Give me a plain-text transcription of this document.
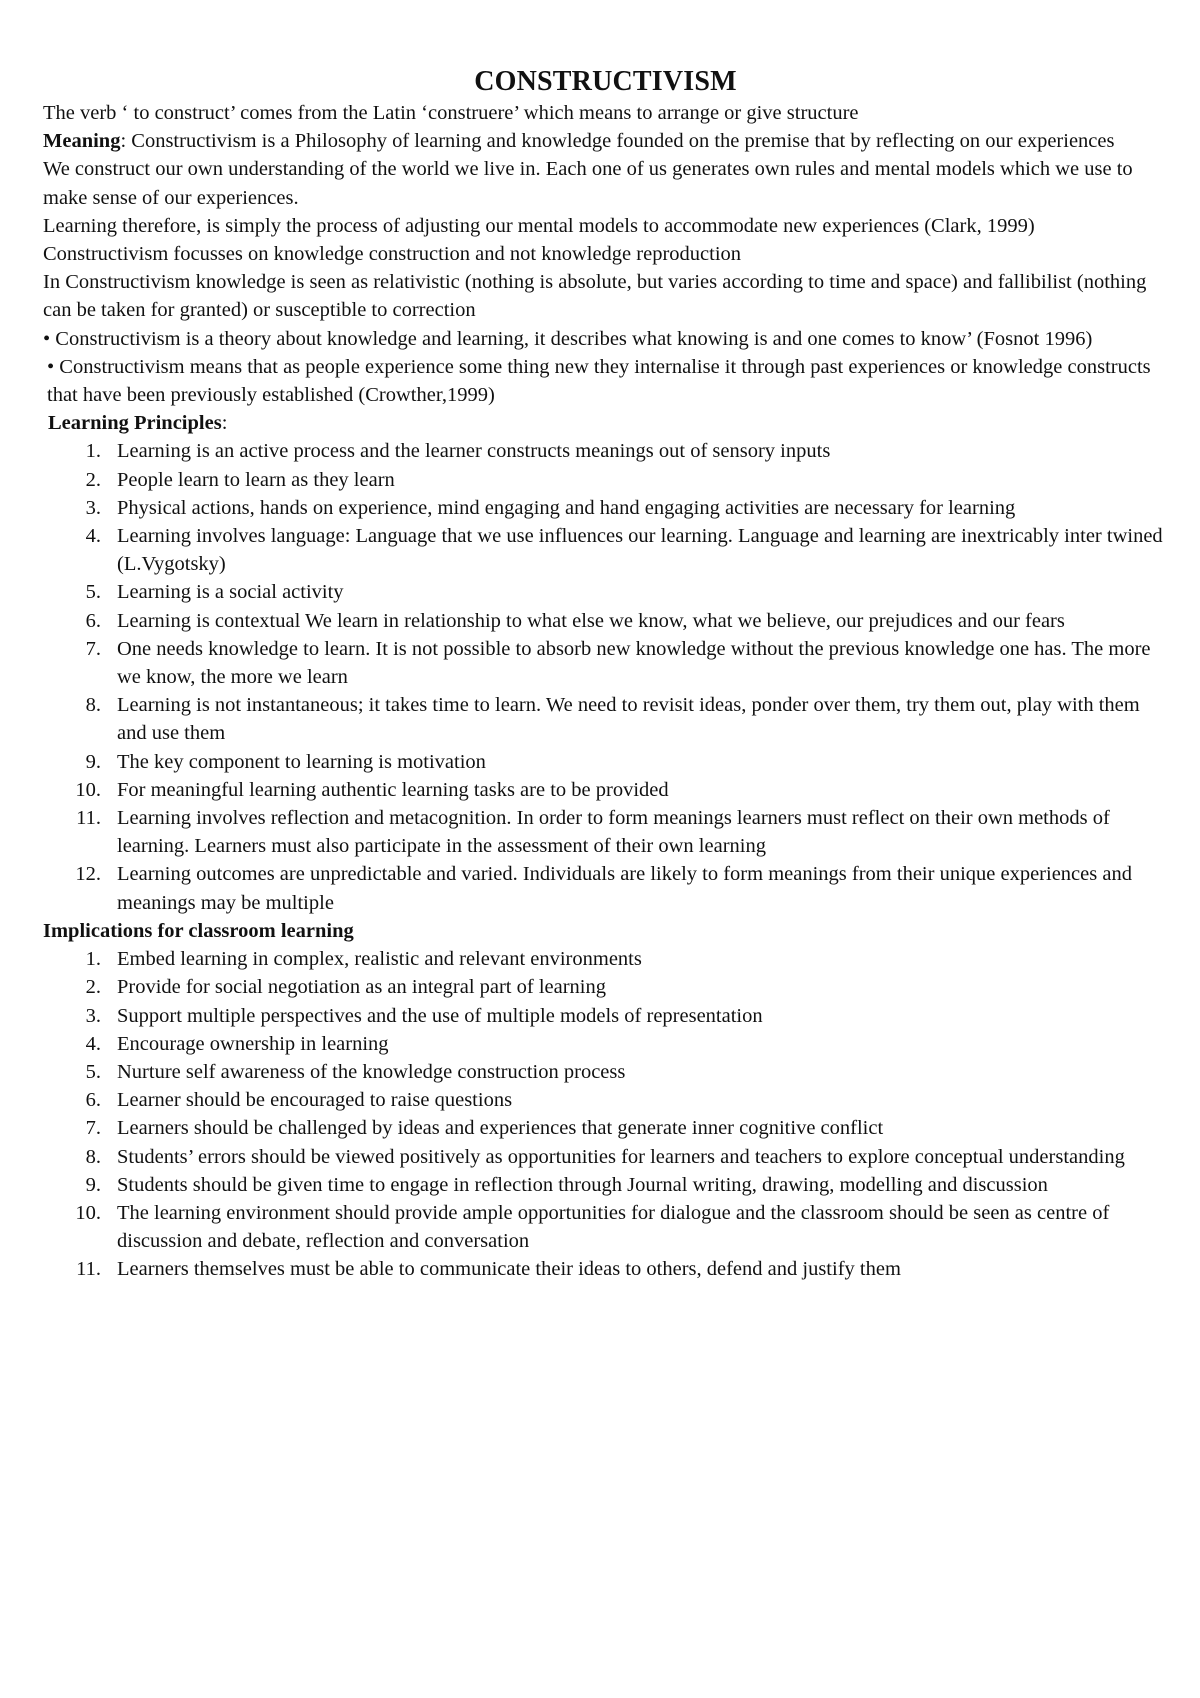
CONSTRUCTIVISM

The verb ‘ to construct’ comes from the Latin ‘construere’ which means to arrange or give structure

Meaning: Constructivism is a Philosophy of learning and knowledge founded on the premise that by reflecting on our experiences

We construct our own understanding of the world we live in. Each one of us generates own rules and mental models which we use to make sense of our experiences.

Learning therefore, is simply the process of adjusting our mental models to accommodate new experiences (Clark, 1999)

Constructivism focusses on knowledge construction and not knowledge reproduction

In Constructivism knowledge is seen as relativistic (nothing is absolute, but varies according to time and space) and fallibilist (nothing can be taken for granted) or susceptible to correction

• Constructivism is a theory about knowledge and learning, it describes what knowing is and one comes to know’ (Fosnot 1996)

• Constructivism means that as people experience some thing new they internalise it through past experiences or knowledge constructs that have been previously established (Crowther,1999)

Learning Principles:

1. Learning is an active process and the learner constructs meanings out of sensory inputs
2. People learn to learn as they learn
3. Physical actions, hands on experience, mind engaging and hand engaging activities are necessary for learning
4. Learning involves language: Language that we use influences our learning. Language and learning are inextricably inter twined (L.Vygotsky)
5. Learning is a social activity
6. Learning is contextual We learn in relationship to what else we know, what we believe, our prejudices and our fears
7. One needs knowledge to learn. It is not possible to absorb new knowledge without the previous knowledge one has. The more we know, the more we learn
8. Learning is not instantaneous; it takes time to learn. We need to revisit ideas, ponder over them, try them out, play with them and use them
9. The key component to learning is motivation
10. For meaningful learning authentic learning tasks are to be provided
11. Learning involves reflection and metacognition. In order to form meanings learners must reflect on their own methods of learning. Learners must also participate in the assessment of their own learning
12. Learning outcomes are unpredictable and varied. Individuals are likely to form meanings from their unique experiences and meanings may be multiple

Implications for classroom learning

1. Embed learning in complex, realistic and relevant environments
2. Provide for social negotiation as an integral part of learning
3. Support multiple perspectives and the use of multiple models of representation
4. Encourage ownership in learning
5. Nurture self awareness of the knowledge construction process
6. Learner should be encouraged to raise questions
7. Learners should be challenged by ideas and experiences that generate inner cognitive conflict
8. Students’ errors should be viewed positively as opportunities for learners and teachers to explore conceptual understanding
9. Students should be given time to engage in reflection through Journal writing, drawing, modelling and discussion
10. The learning environment should provide ample opportunities for dialogue and the classroom should be seen as centre of discussion and debate, reflection and conversation
11. Learners themselves must be able to communicate their ideas to others, defend and justify them
